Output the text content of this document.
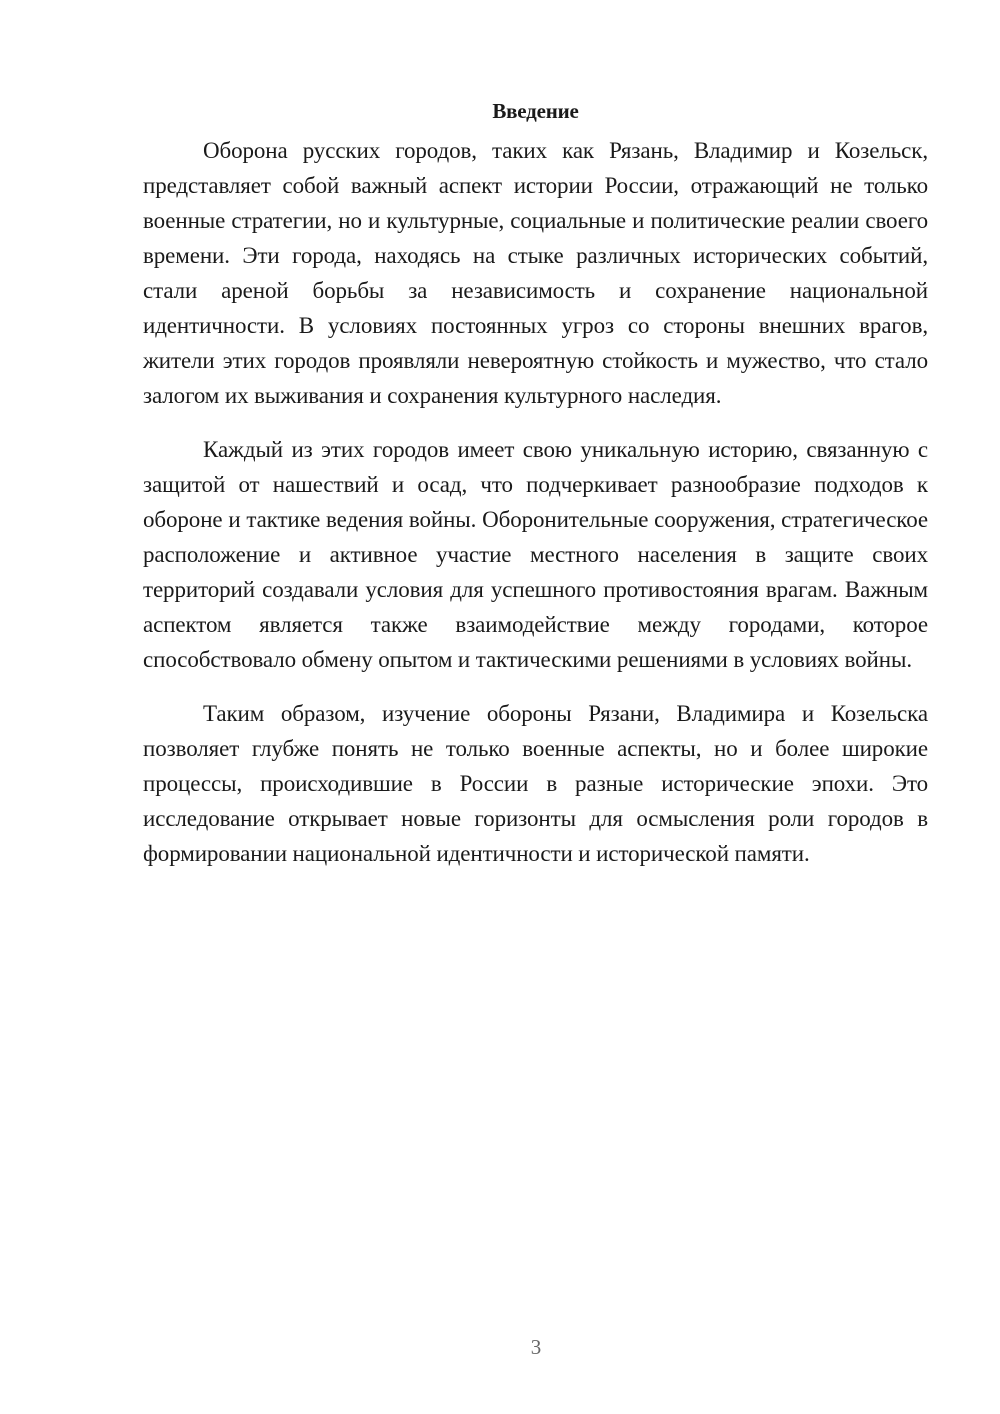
Введение

Оборона русских городов, таких как Рязань, Владимир и Козельск, представляет собой важный аспект истории России, отражающий не только военные стратегии, но и культурные, социальные и политические реалии своего времени. Эти города, находясь на стыке различных исторических событий, стали ареной борьбы за независимость и сохранение национальной идентичности. В условиях постоянных угроз со стороны внешних врагов, жители этих городов проявляли невероятную стойкость и мужество, что стало залогом их выживания и сохранения культурного наследия.

Каждый из этих городов имеет свою уникальную историю, связанную с защитой от нашествий и осад, что подчеркивает разнообразие подходов к обороне и тактике ведения войны. Оборонительные сооружения, стратегическое расположение и активное участие местного населения в защите своих территорий создавали условия для успешного противостояния врагам. Важным аспектом является также взаимодействие между городами, которое способствовало обмену опытом и тактическими решениями в условиях войны.

Таким образом, изучение обороны Рязани, Владимира и Козельска позволяет глубже понять не только военные аспекты, но и более широкие процессы, происходившие в России в разные исторические эпохи. Это исследование открывает новые горизонты для осмысления роли городов в формировании национальной идентичности и исторической памяти.

3
